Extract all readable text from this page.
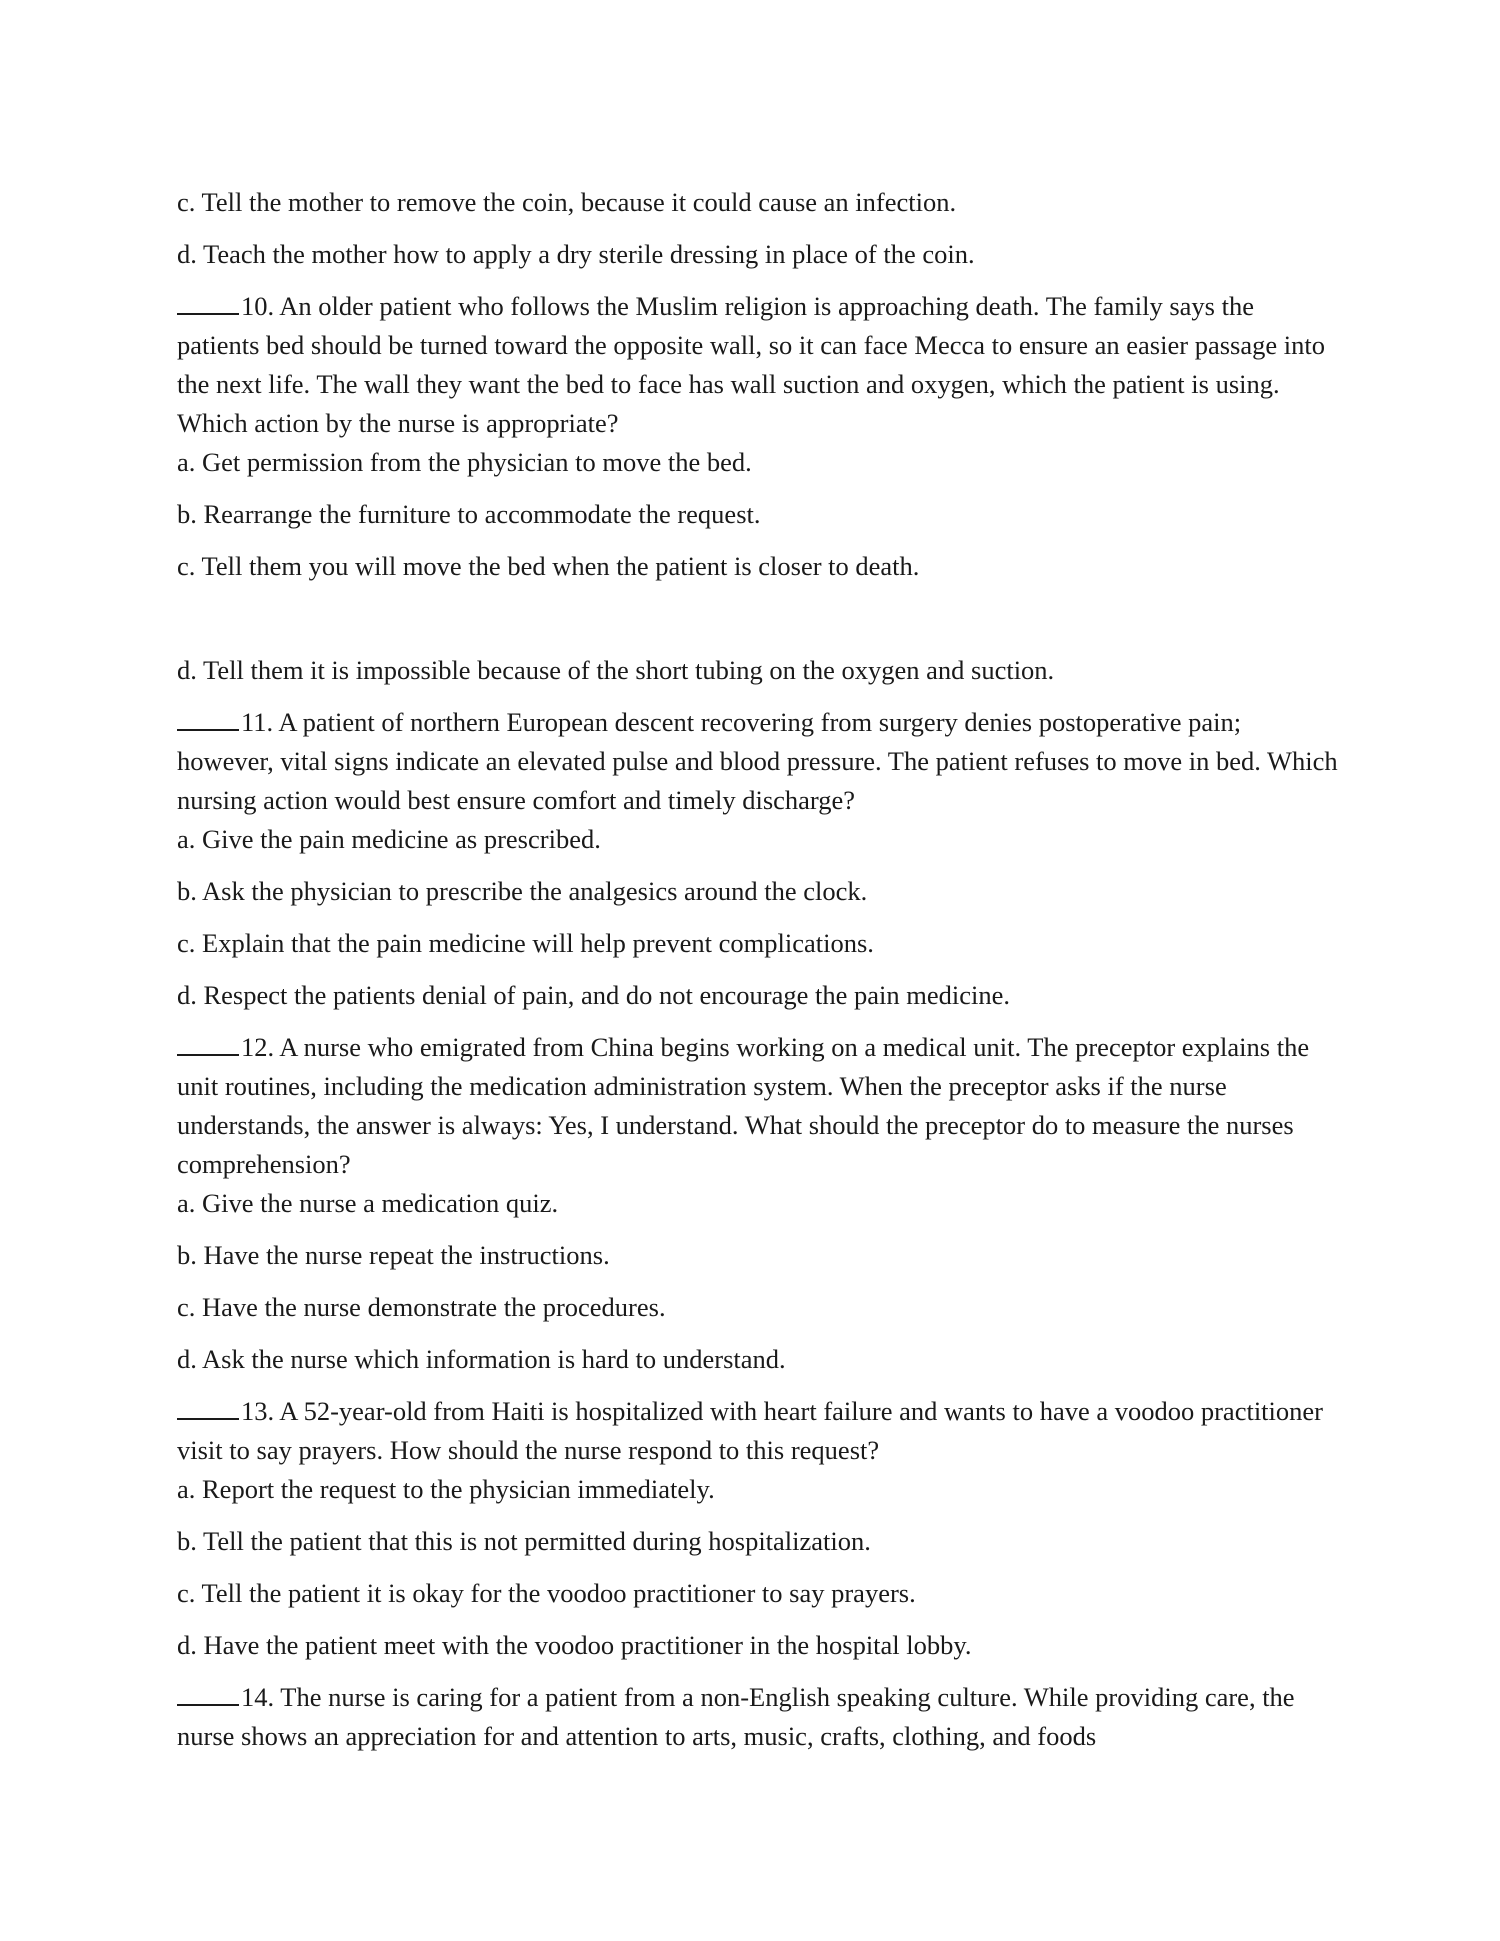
c. Tell the mother to remove the coin, because it could cause an infection.

d. Teach the mother how to apply a dry sterile dressing in place of the coin.

10. An older patient who follows the Muslim religion is approaching death. The family says the patients bed should be turned toward the opposite wall, so it can face Mecca to ensure an easier passage into the next life. The wall they want the bed to face has wall suction and oxygen, which the patient is using. Which action by the nurse is appropriate?

a. Get permission from the physician to move the bed.

b. Rearrange the furniture to accommodate the request.

c. Tell them you will move the bed when the patient is closer to death.

d. Tell them it is impossible because of the short tubing on the oxygen and suction.

11. A patient of northern European descent recovering from surgery denies postoperative pain; however, vital signs indicate an elevated pulse and blood pressure. The patient refuses to move in bed. Which nursing action would best ensure comfort and timely discharge?

a. Give the pain medicine as prescribed.

b. Ask the physician to prescribe the analgesics around the clock.

c. Explain that the pain medicine will help prevent complications.

d. Respect the patients denial of pain, and do not encourage the pain medicine.

12. A nurse who emigrated from China begins working on a medical unit. The preceptor explains the unit routines, including the medication administration system. When the preceptor asks if the nurse understands, the answer is always: Yes, I understand. What should the preceptor do to measure the nurses comprehension?

a. Give the nurse a medication quiz.

b. Have the nurse repeat the instructions.

c. Have the nurse demonstrate the procedures.

d. Ask the nurse which information is hard to understand.

13. A 52-year-old from Haiti is hospitalized with heart failure and wants to have a voodoo practitioner visit to say prayers. How should the nurse respond to this request?

a. Report the request to the physician immediately.

b. Tell the patient that this is not permitted during hospitalization.

c. Tell the patient it is okay for the voodoo practitioner to say prayers.

d. Have the patient meet with the voodoo practitioner in the hospital lobby.

14. The nurse is caring for a patient from a non-English speaking culture. While providing care, the nurse shows an appreciation for and attention to arts, music, crafts, clothing, and foods
